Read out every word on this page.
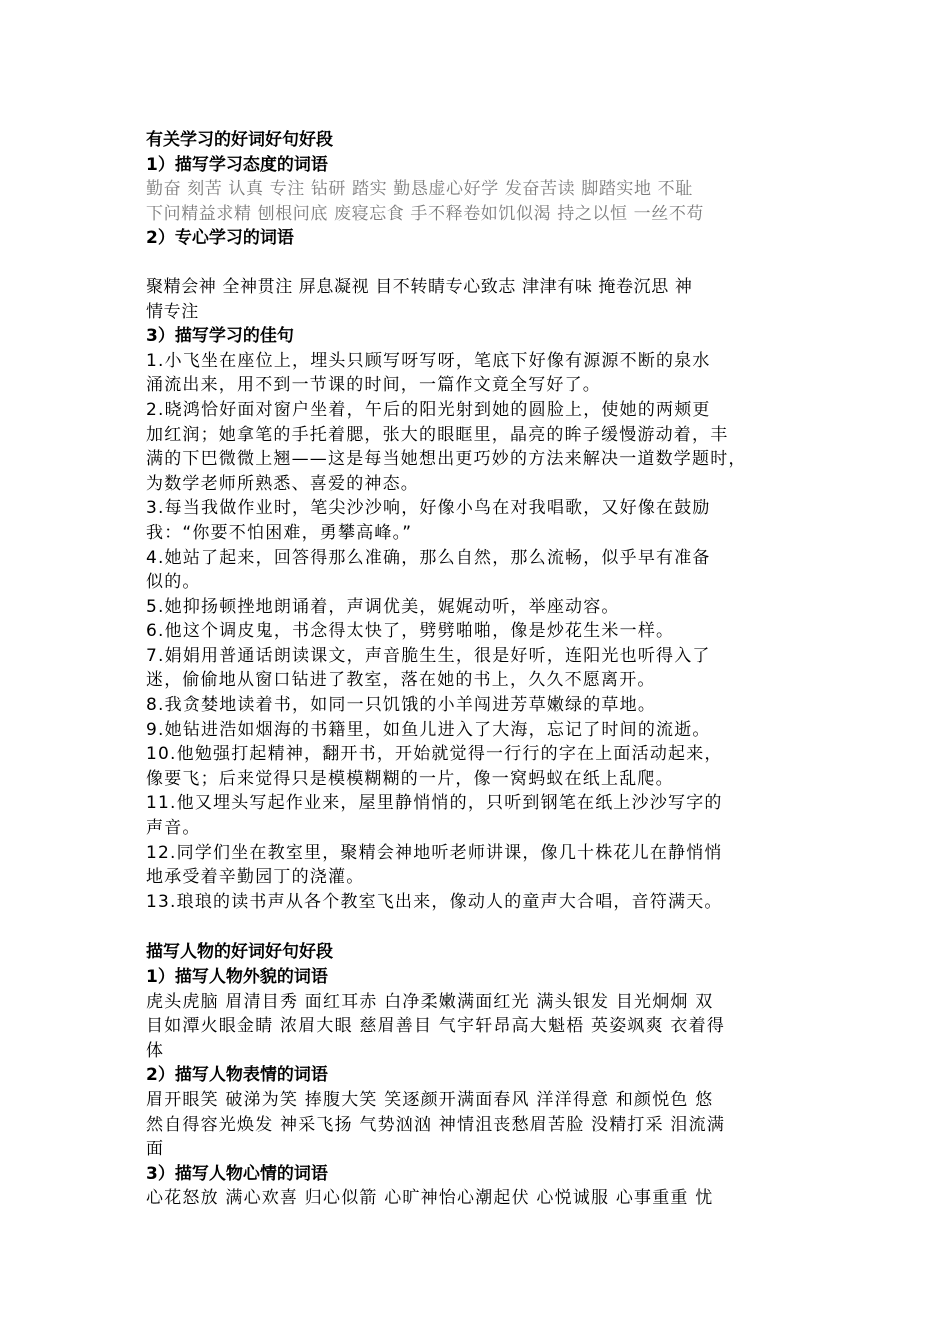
有关学习的好词好句好段

1）描写学习态度的词语

勤奋 刻苦 认真 专注 钻研 踏实 勤恳虚心好学 发奋苦读 脚踏实地 不耻

下问精益求精 刨根问底 废寝忘食 手不释卷如饥似渴 持之以恒 一丝不苟

2）专心学习的词语

聚精会神 全神贯注 屏息凝视 目不转睛专心致志 津津有味 掩卷沉思 神

情专注

3）描写学习的佳句

1.小飞坐在座位上，埋头只顾写呀写呀，笔底下好像有源源不断的泉水

涌流出来，用不到一节课的时间，一篇作文竟全写好了。

2.晓鸿恰好面对窗户坐着，午后的阳光射到她的圆脸上，使她的两颊更

加红润；她拿笔的手托着腮，张大的眼眶里，晶亮的眸子缓慢游动着，丰

满的下巴微微上翘——这是每当她想出更巧妙的方法来解决一道数学题时，

为数学老师所熟悉、喜爱的神态。

3.每当我做作业时，笔尖沙沙响，好像小鸟在对我唱歌，又好像在鼓励

我：“你要不怕困难，勇攀高峰。”

4.她站了起来，回答得那么准确，那么自然，那么流畅，似乎早有准备

似的。

5.她抑扬顿挫地朗诵着，声调优美，娓娓动听，举座动容。

6.他这个调皮鬼，书念得太快了，劈劈啪啪，像是炒花生米一样。

7.娟娟用普通话朗读课文，声音脆生生，很是好听，连阳光也听得入了

迷，偷偷地从窗口钻进了教室，落在她的书上，久久不愿离开。

8.我贪婪地读着书，如同一只饥饿的小羊闯进芳草嫩绿的草地。

9.她钻进浩如烟海的书籍里，如鱼儿进入了大海，忘记了时间的流逝。

10.他勉强打起精神，翻开书，开始就觉得一行行的字在上面活动起来，

像要飞；后来觉得只是模模糊糊的一片，像一窝蚂蚁在纸上乱爬。

11.他又埋头写起作业来，屋里静悄悄的，只听到钢笔在纸上沙沙写字的

声音。

12.同学们坐在教室里，聚精会神地听老师讲课，像几十株花儿在静悄悄

地承受着辛勤园丁的浇灌。

13.琅琅的读书声从各个教室飞出来，像动人的童声大合唱，音符满天。

描写人物的好词好句好段

1）描写人物外貌的词语

虎头虎脑 眉清目秀 面红耳赤 白净柔嫩满面红光 满头银发 目光炯炯 双

目如潭火眼金睛 浓眉大眼 慈眉善目 气宇轩昂高大魁梧 英姿飒爽 衣着得

体

2）描写人物表情的词语

眉开眼笑 破涕为笑 捧腹大笑 笑逐颜开满面春风 洋洋得意 和颜悦色 悠

然自得容光焕发 神采飞扬 气势汹汹 神情沮丧愁眉苦脸 没精打采 泪流满

面

3）描写人物心情的词语

心花怒放 满心欢喜 归心似箭 心旷神怡心潮起伏 心悦诚服 心事重重 忧
